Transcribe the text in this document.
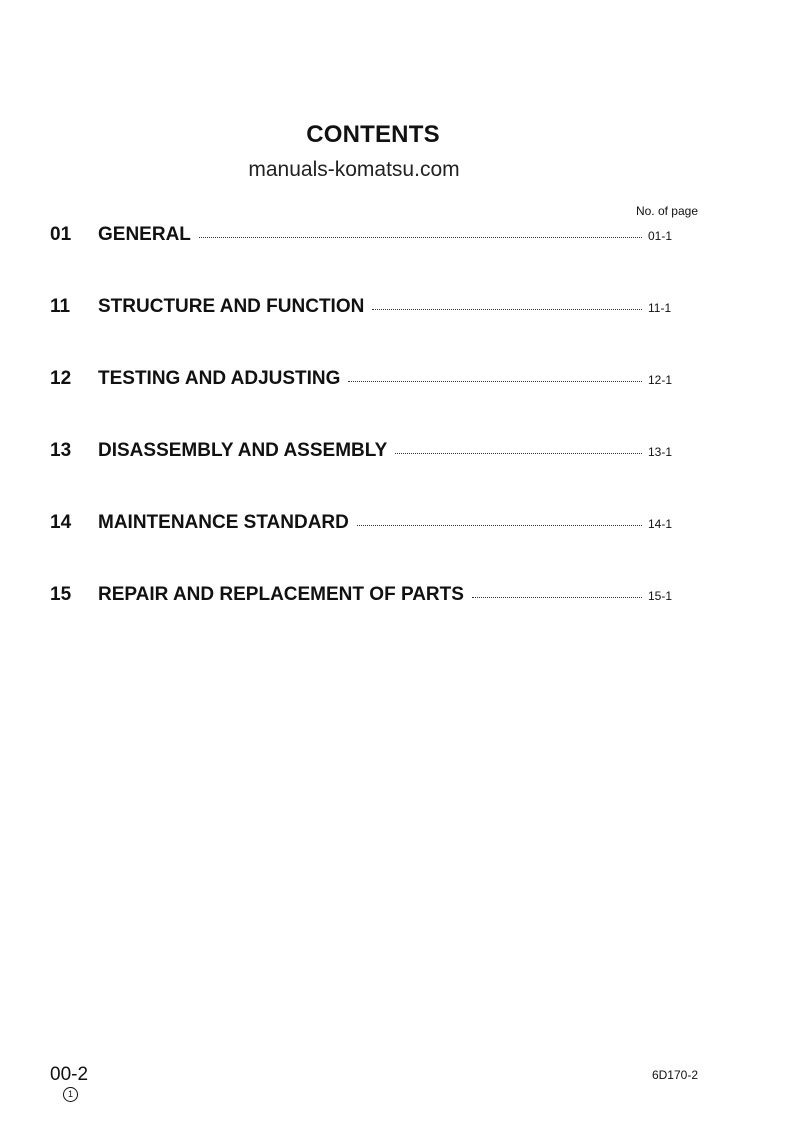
CONTENTS
manuals-komatsu.com
No. of page
01	GENERAL	01-1
11	STRUCTURE AND FUNCTION	11-1
12	TESTING AND ADJUSTING	12-1
13	DISASSEMBLY AND ASSEMBLY	13-1
14	MAINTENANCE STANDARD	14-1
15	REPAIR AND REPLACEMENT OF PARTS	15-1
00-2
1
6D170-2
